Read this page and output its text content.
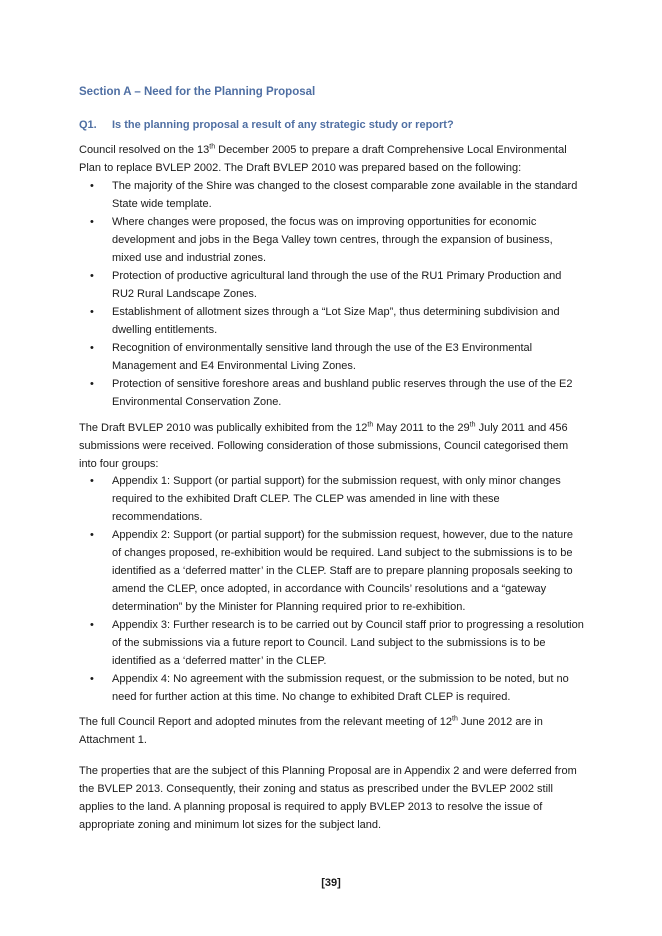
Section A – Need for the Planning Proposal
Q1. Is the planning proposal a result of any strategic study or report?

Council resolved on the 13th December 2005 to prepare a draft Comprehensive Local Environmental Plan to replace BVLEP 2002. The Draft BVLEP 2010 was prepared based on the following:

• The majority of the Shire was changed to the closest comparable zone available in the standard State wide template.
• Where changes were proposed, the focus was on improving opportunities for economic development and jobs in the Bega Valley town centres, through the expansion of business, mixed use and industrial zones.
• Protection of productive agricultural land through the use of the RU1 Primary Production and RU2 Rural Landscape Zones.
• Establishment of allotment sizes through a “Lot Size Map”, thus determining subdivision and dwelling entitlements.
• Recognition of environmentally sensitive land through the use of the E3 Environmental Management and E4 Environmental Living Zones.
• Protection of sensitive foreshore areas and bushland public reserves through the use of the E2 Environmental Conservation Zone.

The Draft BVLEP 2010 was publically exhibited from the 12th May 2011 to the 29th July 2011 and 456 submissions were received. Following consideration of those submissions, Council categorised them into four groups:

• Appendix 1: Support (or partial support) for the submission request, with only minor changes required to the exhibited Draft CLEP. The CLEP was amended in line with these recommendations.
• Appendix 2: Support (or partial support) for the submission request, however, due to the nature of changes proposed, re-exhibition would be required. Land subject to the submissions is to be identified as a ‘deferred matter’ in the CLEP. Staff are to prepare planning proposals seeking to amend the CLEP, once adopted, in accordance with Councils’ resolutions and a “gateway determination” by the Minister for Planning required prior to re-exhibition.
• Appendix 3: Further research is to be carried out by Council staff prior to progressing a resolution of the submissions via a future report to Council. Land subject to the submissions is to be identified as a ‘deferred matter’ in the CLEP.
• Appendix 4: No agreement with the submission request, or the submission to be noted, but no need for further action at this time. No change to exhibited Draft CLEP is required.

The full Council Report and adopted minutes from the relevant meeting of 12th June 2012 are in Attachment 1.

The properties that are the subject of this Planning Proposal are in Appendix 2 and were deferred from the BVLEP 2013. Consequently, their zoning and status as prescribed under the BVLEP 2002 still applies to the land. A planning proposal is required to apply BVLEP 2013 to resolve the issue of appropriate zoning and minimum lot sizes for the subject land.

[39]
